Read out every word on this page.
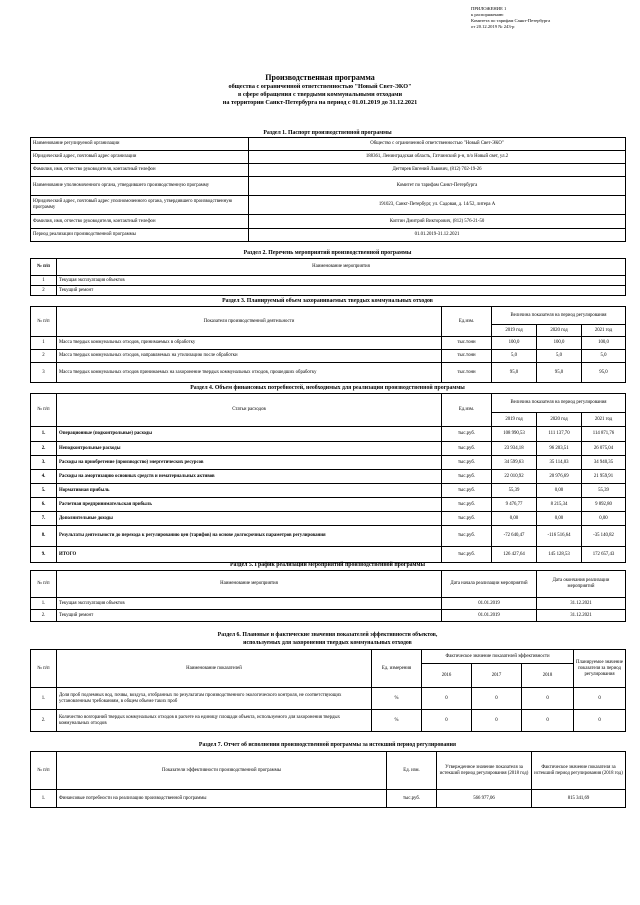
ПРИЛОЖЕНИЕ 1
к распоряжению
Комитета по тарифам Санкт-Петербурга
от 20.12.2019 № 243-р
Производственная программа
общества с ограниченной ответственностью "Новый Свет-ЭКО"
в сфере обращения с твердыми коммунальными отходами
на территории Санкт-Петербурга на период с 01.01.2019 до 31.12.2021
Раздел 1. Паспорт производственной программы
Наименование регулируемой организации	Общество с ограниченной ответственностью "Новый Свет-ЭКО"
Юридический адрес, почтовый адрес организации	188361, Ленинградская область, Гатчинский р-н, п/о Новый свет, ул.2
Фамилия, имя, отчество руководителя, контактный телефон	Дегтярев Евгений Львович, (812) 702-19-26
Наименование уполномоченного органа, утвердившего производственную программу	Комитет по тарифам Санкт-Петербурга
Юридический адрес, почтовый адрес уполномоченного органа, утвердившего производственную программу	191023, Санкт-Петербург, ул. Садовая, д. 14/52, литера А
Фамилия, имя, отчество руководителя, контактный телефон	Коптин Дмитрий Викторович, (812) 576-21-50
Период реализации производственной программы	01.01.2019-31.12.2021
Раздел 2. Перечень мероприятий производственной программы
№ п/п	Наименование мероприятия
1	Текущая эксплуатация объектов
2	Текущий ремонт
Раздел 3. Планируемый объем захораниваемых твердых коммунальных отходов
№ п/п	Показатели производственной деятельности	Ед.изм.	Величина показателя на период регулирования		
			2019 год	2020 год	2021 год
1	Масса твердых коммунальных отходов, принимаемых в обработку	тыс.тонн	100,0	100,0	100,0
2	Масса твердых коммунальных отходов, направляемых на утилизацию после обработки	тыс.тонн	5,0	5,0	5,0
3	Масса твердых коммунальных отходов принимаемых на захоронение твердых коммунальных отходов, прошедших обработку	тыс.тонн	95,0	95,0	95,0
Раздел 4. Объем финансовых потребностей, необходимых для реализации производственной программы
№ п/п	Статьи расходов	Ед.изм.	Величина показателя на период регулирования		
			2019 год	2020 год	2021 год
1.	Операционные (подконтрольные) расходы	тыс.руб.	108 990,53	111 137,70	114 871,76
2.	Неподконтрольные расходы	тыс.руб.	23 934,18	96 203,51	26 075,04
3.	Расходы на приобретение (производство) энергетических ресурсов	тыс.руб.	34 599,63	35 114,03	34 940,35
4.	Расходы на амортизацию основных средств и нематериальных активов	тыс.руб.	22 010,92	20 976,69	21 959,91
5.	Нормативная прибыль	тыс.руб.	55,39	0,00	55,39
6.	Расчетная предпринимательская прибыль	тыс.руб.	9 476,77	8 215,34	9 892,80
7.	Дополнительные доходы	тыс.руб.	0,00	0,00	0,00
8.	Результаты деятельности до перехода к регулированию цен (тарифов) на основе долгосрочных параметров регулирования	тыс.руб.	-72 640,47	-116 516,64	-35 140,82
9.	ИТОГО	тыс.руб.	126 427,64	145 128,53	172 657,43
Раздел 5. График реализации мероприятий производственной программы
№ п/п	Наименование мероприятия	Дата начала реализации мероприятий	Дата окончания реализации мероприятий
1.	Текущая эксплуатация объектов	01.01.2019	31.12.2021
2.	Текущий ремонт	01.01.2019	31.12.2021
Раздел 6. Плановые и фактические значения показателей эффективности объектов,
используемых для захоронения твердых коммунальных отходов
№ п/п	Наименование показателей	Ед. измерения	Фактическое значение показателей эффективности			Планируемое значение показателя за период регулирования
			2016	2017	2018	
1.	Доля проб подземных вод, почвы, воздуха, отобранных по результатам производственного экологического контроля, не соответствующих установленным требованиям, в общем объеме таких проб	%	0	0	0	0
2.	Количество возгораний твердых коммунальных отходов в расчете на единицу площади объекта, используемого для захоронения твердых коммунальных отходов	%	0	0	0	0
Раздел 7. Отчет об исполнении производственной программы за истекший период регулирования
№ п/п	Показатели эффективности производственной программы	Ед. изм.	Утвержденное значение показателя за истекший период регулирования (2018 год)	Фактическое значение показателя за истекший период регулирования (2018 год)
1.	Финансовые потребности на реализацию производственной программы	тыс.руб.	566 977,06	815 341,69
